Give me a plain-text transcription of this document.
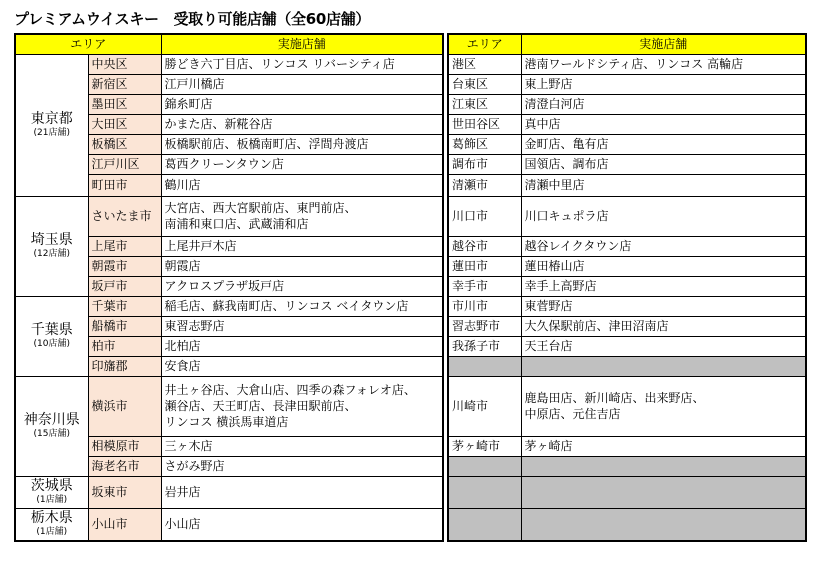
プレミアムウイスキー　受取り可能店舗（全60店舗）
エリア		実施店舗

東京都
(21店舗)	中央区	勝どき六丁目店、リンコス リバーシティ店

	新宿区	江戸川橋店

	墨田区	錦糸町店

	大田区	かまた店、新糀谷店

	板橋区	板橋駅前店、板橋南町店、浮間舟渡店

	江戸川区	葛西クリーンタウン店

	町田市	鶴川店

埼玉県
(12店舗)	さいたま市	大宮店、西大宮駅前店、東門前店、
南浦和東口店、武蔵浦和店

	上尾市	上尾井戸木店

	朝霞市	朝霞店

	坂戸市	アクロスプラザ坂戸店

千葉県
(10店舗)	千葉市	稲毛店、蘇我南町店、リンコス ベイタウン店

	船橋市	東習志野店

	柏市	北柏店

	印旛郡	安食店

神奈川県
(15店舗)	横浜市	井土ヶ谷店、大倉山店、四季の森フォレオ店、
瀬谷店、天王町店、長津田駅前店、
リンコス 横浜馬車道店

	相模原市	三ヶ木店

	海老名市	さがみ野店

茨城県
(1店舗)	坂東市	岩井店

栃木県
(1店舗)	小山市	小山店
エリア	実施店舗
港区	港南ワールドシティ店、リンコス 高輪店

台東区	東上野店

江東区	清澄白河店

世田谷区	真中店

葛飾区	金町店、亀有店

調布市	国領店、調布店

清瀬市	清瀬中里店

川口市	川口キュポラ店

越谷市	越谷レイクタウン店

蓮田市	蓮田椿山店

幸手市	幸手上高野店

市川市	東菅野店

習志野市	大久保駅前店、津田沼南店

我孫子市	天王台店

川崎市	鹿島田店、新川崎店、出来野店、
中原店、元住吉店

茅ヶ崎市	茅ヶ崎店
